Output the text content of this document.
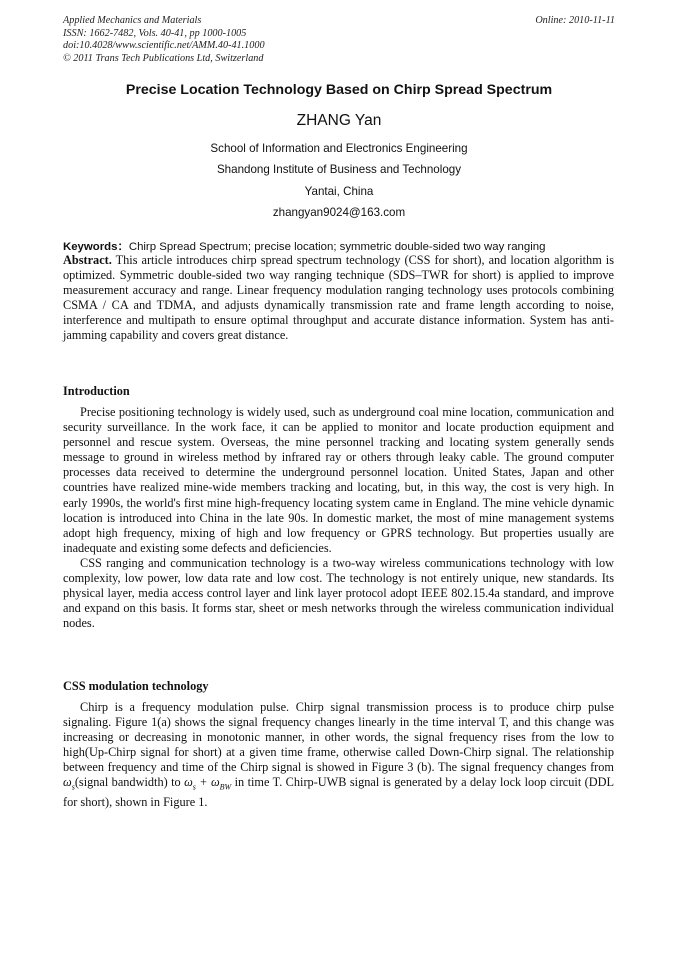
Applied Mechanics and Materials
ISSN: 1662-7482, Vols. 40-41, pp 1000-1005
doi:10.4028/www.scientific.net/AMM.40-41.1000
© 2011 Trans Tech Publications Ltd, Switzerland
Online: 2010-11-11
Precise Location Technology Based on Chirp Spread Spectrum
ZHANG Yan
School of Information and Electronics Engineering
Shandong Institute of Business and Technology
Yantai, China
zhangyan9024@163.com
Keywords：Chirp Spread Spectrum; precise location; symmetric double-sided two way ranging

Abstract. This article introduces chirp spread spectrum technology (CSS for short), and location algorithm is optimized. Symmetric double-sided two way ranging technique (SDS–TWR for short) is applied to improve measurement accuracy and range. Linear frequency modulation ranging technology uses protocols combining CSMA / CA and TDMA, and adjusts dynamically transmission rate and frame length according to noise, interference and multipath to ensure optimal throughput and accurate distance information. System has anti-jamming capability and covers great distance.

Introduction

Precise positioning technology is widely used, such as underground coal mine location, communication and security surveillance. In the work face, it can be applied to monitor and locate production equipment and personnel and rescue system. Overseas, the mine personnel tracking and locating system generally sends message to ground in wireless method by infrared ray or others through leaky cable. The ground computer processes data received to determine the underground personnel location. United States, Japan and other countries have realized mine-wide members tracking and locating, but, in this way, the cost is very high. In early 1990s, the world's first mine high-frequency locating system came in England. The mine vehicle dynamic location is introduced into China in the late 90s. In domestic market, the most of mine management systems adopt high frequency, mixing of high and low frequency or GPRS technology. But properties usually are inadequate and existing some defects and deficiencies.

CSS ranging and communication technology is a two-way wireless communications technology with low complexity, low power, low data rate and low cost. The technology is not entirely unique, new standards. Its physical layer, media access control layer and link layer protocol adopt IEEE 802.15.4a standard, and improve and expand on this basis. It forms star, sheet or mesh networks through the wireless communication individual nodes.

CSS modulation technology

Chirp is a frequency modulation pulse. Chirp signal transmission process is to produce chirp pulse signaling. Figure 1(a) shows the signal frequency changes linearly in the time interval T, and this change was increasing or decreasing in monotonic manner, in other words, the signal frequency rises from the low to high(Up-Chirp signal for short) at a given time frame, otherwise called Down-Chirp signal. The relationship between frequency and time of the Chirp signal is showed in Figure 3 (b). The signal frequency changes from $\omega_s(signal$ bandwidth) to $\omega_s + \omega_{BW}$ in time T. Chirp-UWB signal is generated by a delay lock loop circuit (DDL for short), shown in Figure 1.
